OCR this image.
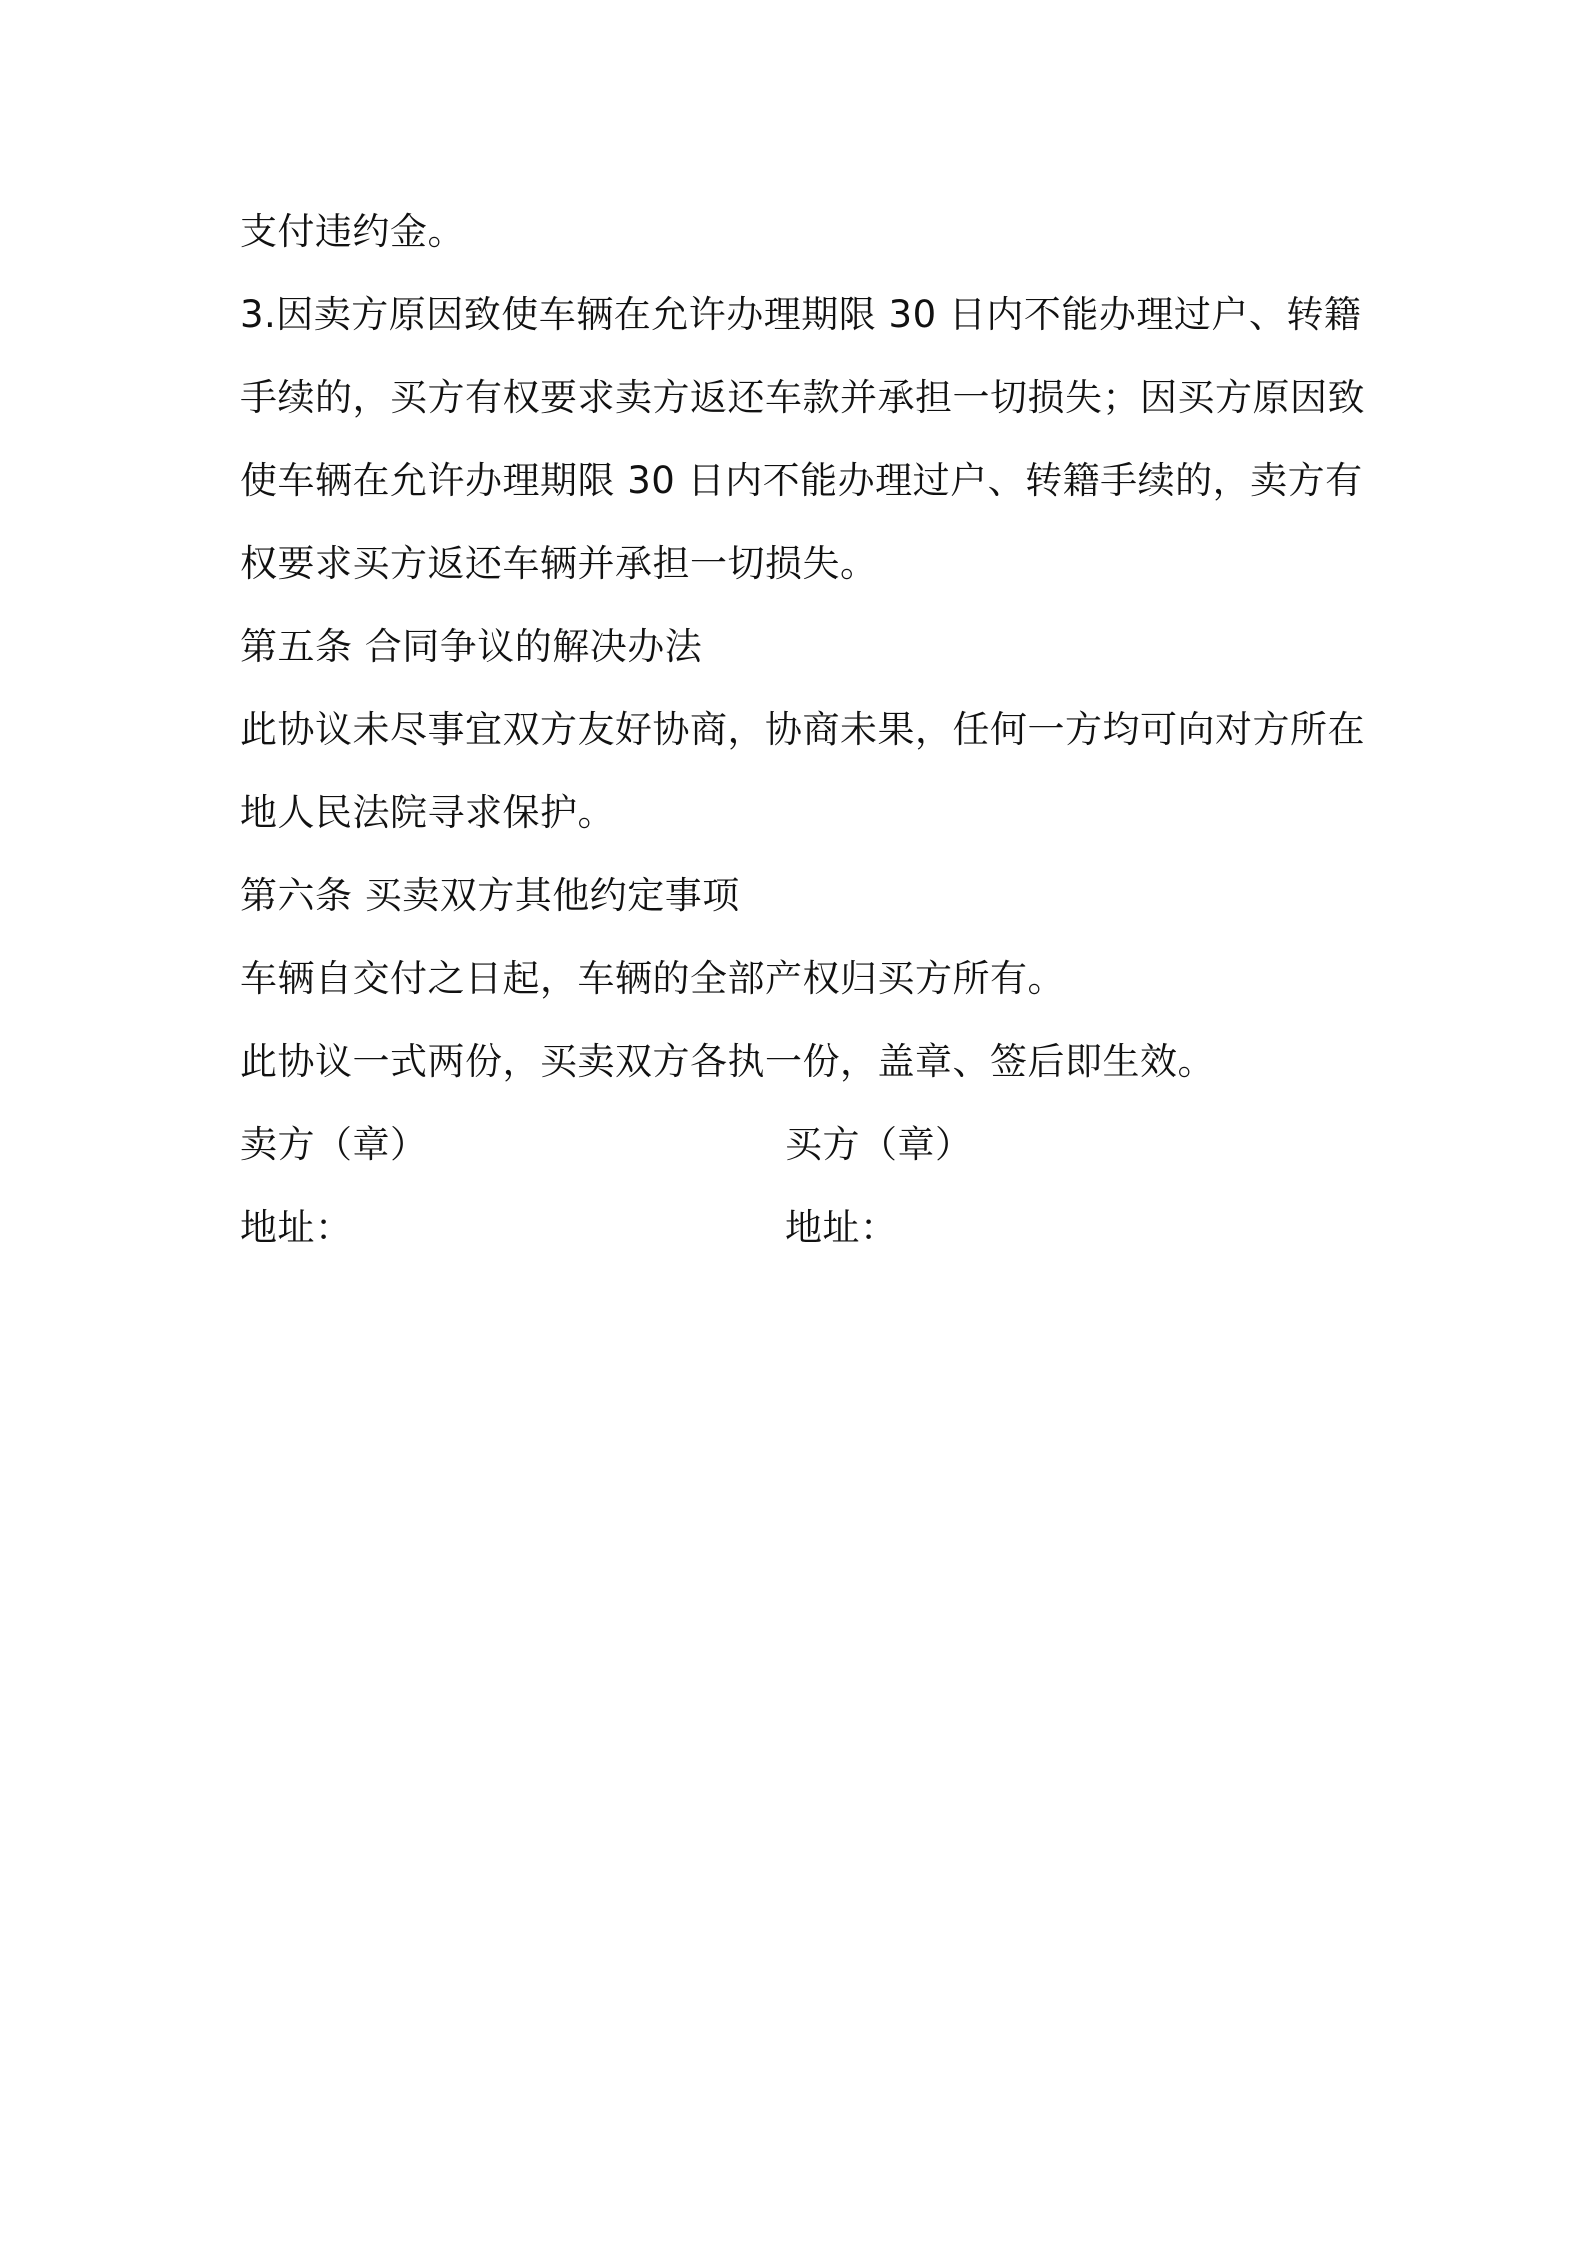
支付违约金。
3.因卖方原因致使车辆在允许办理期限 30 日内不能办理过户、转籍
手续的，买方有权要求卖方返还车款并承担一切损失；因买方原因致
使车辆在允许办理期限 30 日内不能办理过户、转籍手续的，卖方有
权要求买方返还车辆并承担一切损失。
第五条 合同争议的解决办法
此协议未尽事宜双方友好协商，协商未果，任何一方均可向对方所在
地人民法院寻求保护。
第六条 买卖双方其他约定事项
车辆自交付之日起，车辆的全部产权归买方所有。
此协议一式两份，买卖双方各执一份，盖章、签后即生效。
卖方（章）	买方（章）
地址：	地址：
